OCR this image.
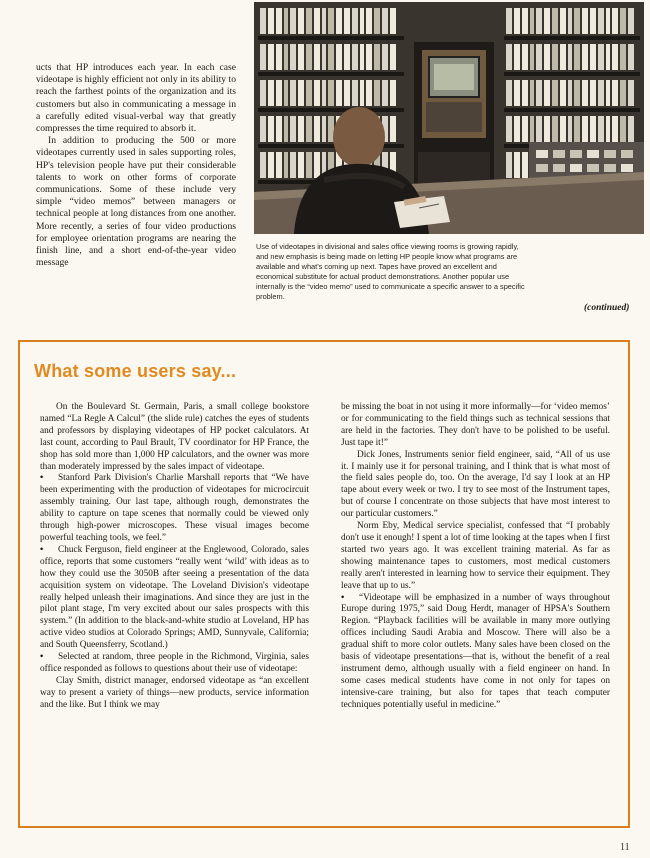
ucts that HP introduces each year. In each case videotape is highly efficient not only in its ability to reach the farthest points of the organization and its customers but also in communicating a message in a carefully edited visual-verbal way that greatly compresses the time required to absorb it.

In addition to producing the 500 or more videotapes currently used in sales supporting roles, HP's television people have put their considerable talents to work on other forms of corporate communications. Some of these include very simple “video memos” between managers or technical people at long distances from one another. More recently, a series of four video productions for employee orientation programs are nearing the finish line, and a short end-of-the-year video message

Use of videotapes in divisional and sales office viewing rooms is growing rapidly, and new emphasis is being made on letting HP people know what programs are available and what's coming up next. Tapes have proved an excellent and economical substitute for actual product demonstrations. Another popular use internally is the “video memo” used to communicate a specific answer to a specific problem.
(continued)
What some users say...

On the Boulevard St. Germain, Paris, a small college bookstore named “La Regle A Calcul” (the slide rule) catches the eyes of students and professors by displaying videotapes of HP pocket calculators. At last count, according to Paul Brault, TV coordinator for HP France, the shop has sold more than 1,000 HP calculators, and the owner was more than moderately impressed by the sales impact of videotape.

• Stanford Park Division's Charlie Marshall reports that “We have been experimenting with the production of videotapes for microcircuit assembly training. Our last tape, although rough, demonstrates the ability to capture on tape scenes that normally could be viewed only through high-power microscopes. These visual images become powerful teaching tools, we feel.”

• Chuck Ferguson, field engineer at the Englewood, Colorado, sales office, reports that some customers “really went ‘wild’ with ideas as to how they could use the 3050B after seeing a presentation of the data acquisition system on videotape. The Loveland Division's videotape really helped unleash their imaginations. And since they are just in the pilot plant stage, I'm very excited about our sales prospects with this system.” (In addition to the black-and-white studio at Loveland, HP has active video studios at Colorado Springs; AMD, Sunnyvale, California; and South Queensferry, Scotland.)

• Selected at random, three people in the Richmond, Virginia, sales office responded as follows to questions about their use of videotape:

Clay Smith, district manager, endorsed videotape as “an excellent way to present a variety of things—new products, service information and the like. But I think we may

be missing the boat in not using it more informally—for ‘video memos’ or for communicating to the field things such as technical sessions that are held in the factories. They don't have to be polished to be useful. Just tape it!”

Dick Jones, Instruments senior field engineer, said, “All of us use it. I mainly use it for personal training, and I think that is what most of the field sales people do, too. On the average, I'd say I look at an HP tape about every week or two. I try to see most of the Instrument tapes, but of course I concentrate on those subjects that have most interest to our particular customers.”

Norm Eby, Medical service specialist, confessed that “I probably don't use it enough! I spent a lot of time looking at the tapes when I first started two years ago. It was excellent training material. As far as showing maintenance tapes to customers, most medical customers really aren't interested in learning how to service their equipment. They leave that up to us.”

• “Videotape will be emphasized in a number of ways throughout Europe during 1975,” said Doug Herdt, manager of HPSA's Southern Region. “Playback facilities will be available in many more outlying offices including Saudi Arabia and Moscow. There will also be a gradual shift to more color outlets. Many sales have been closed on the basis of videotape presentations—that is, without the benefit of a real instrument demo, although usually with a field engineer on hand. In some cases medical students have come in not only for tapes on intensive-care training, but also for tapes that teach computer techniques potentially useful in medicine.”

11
